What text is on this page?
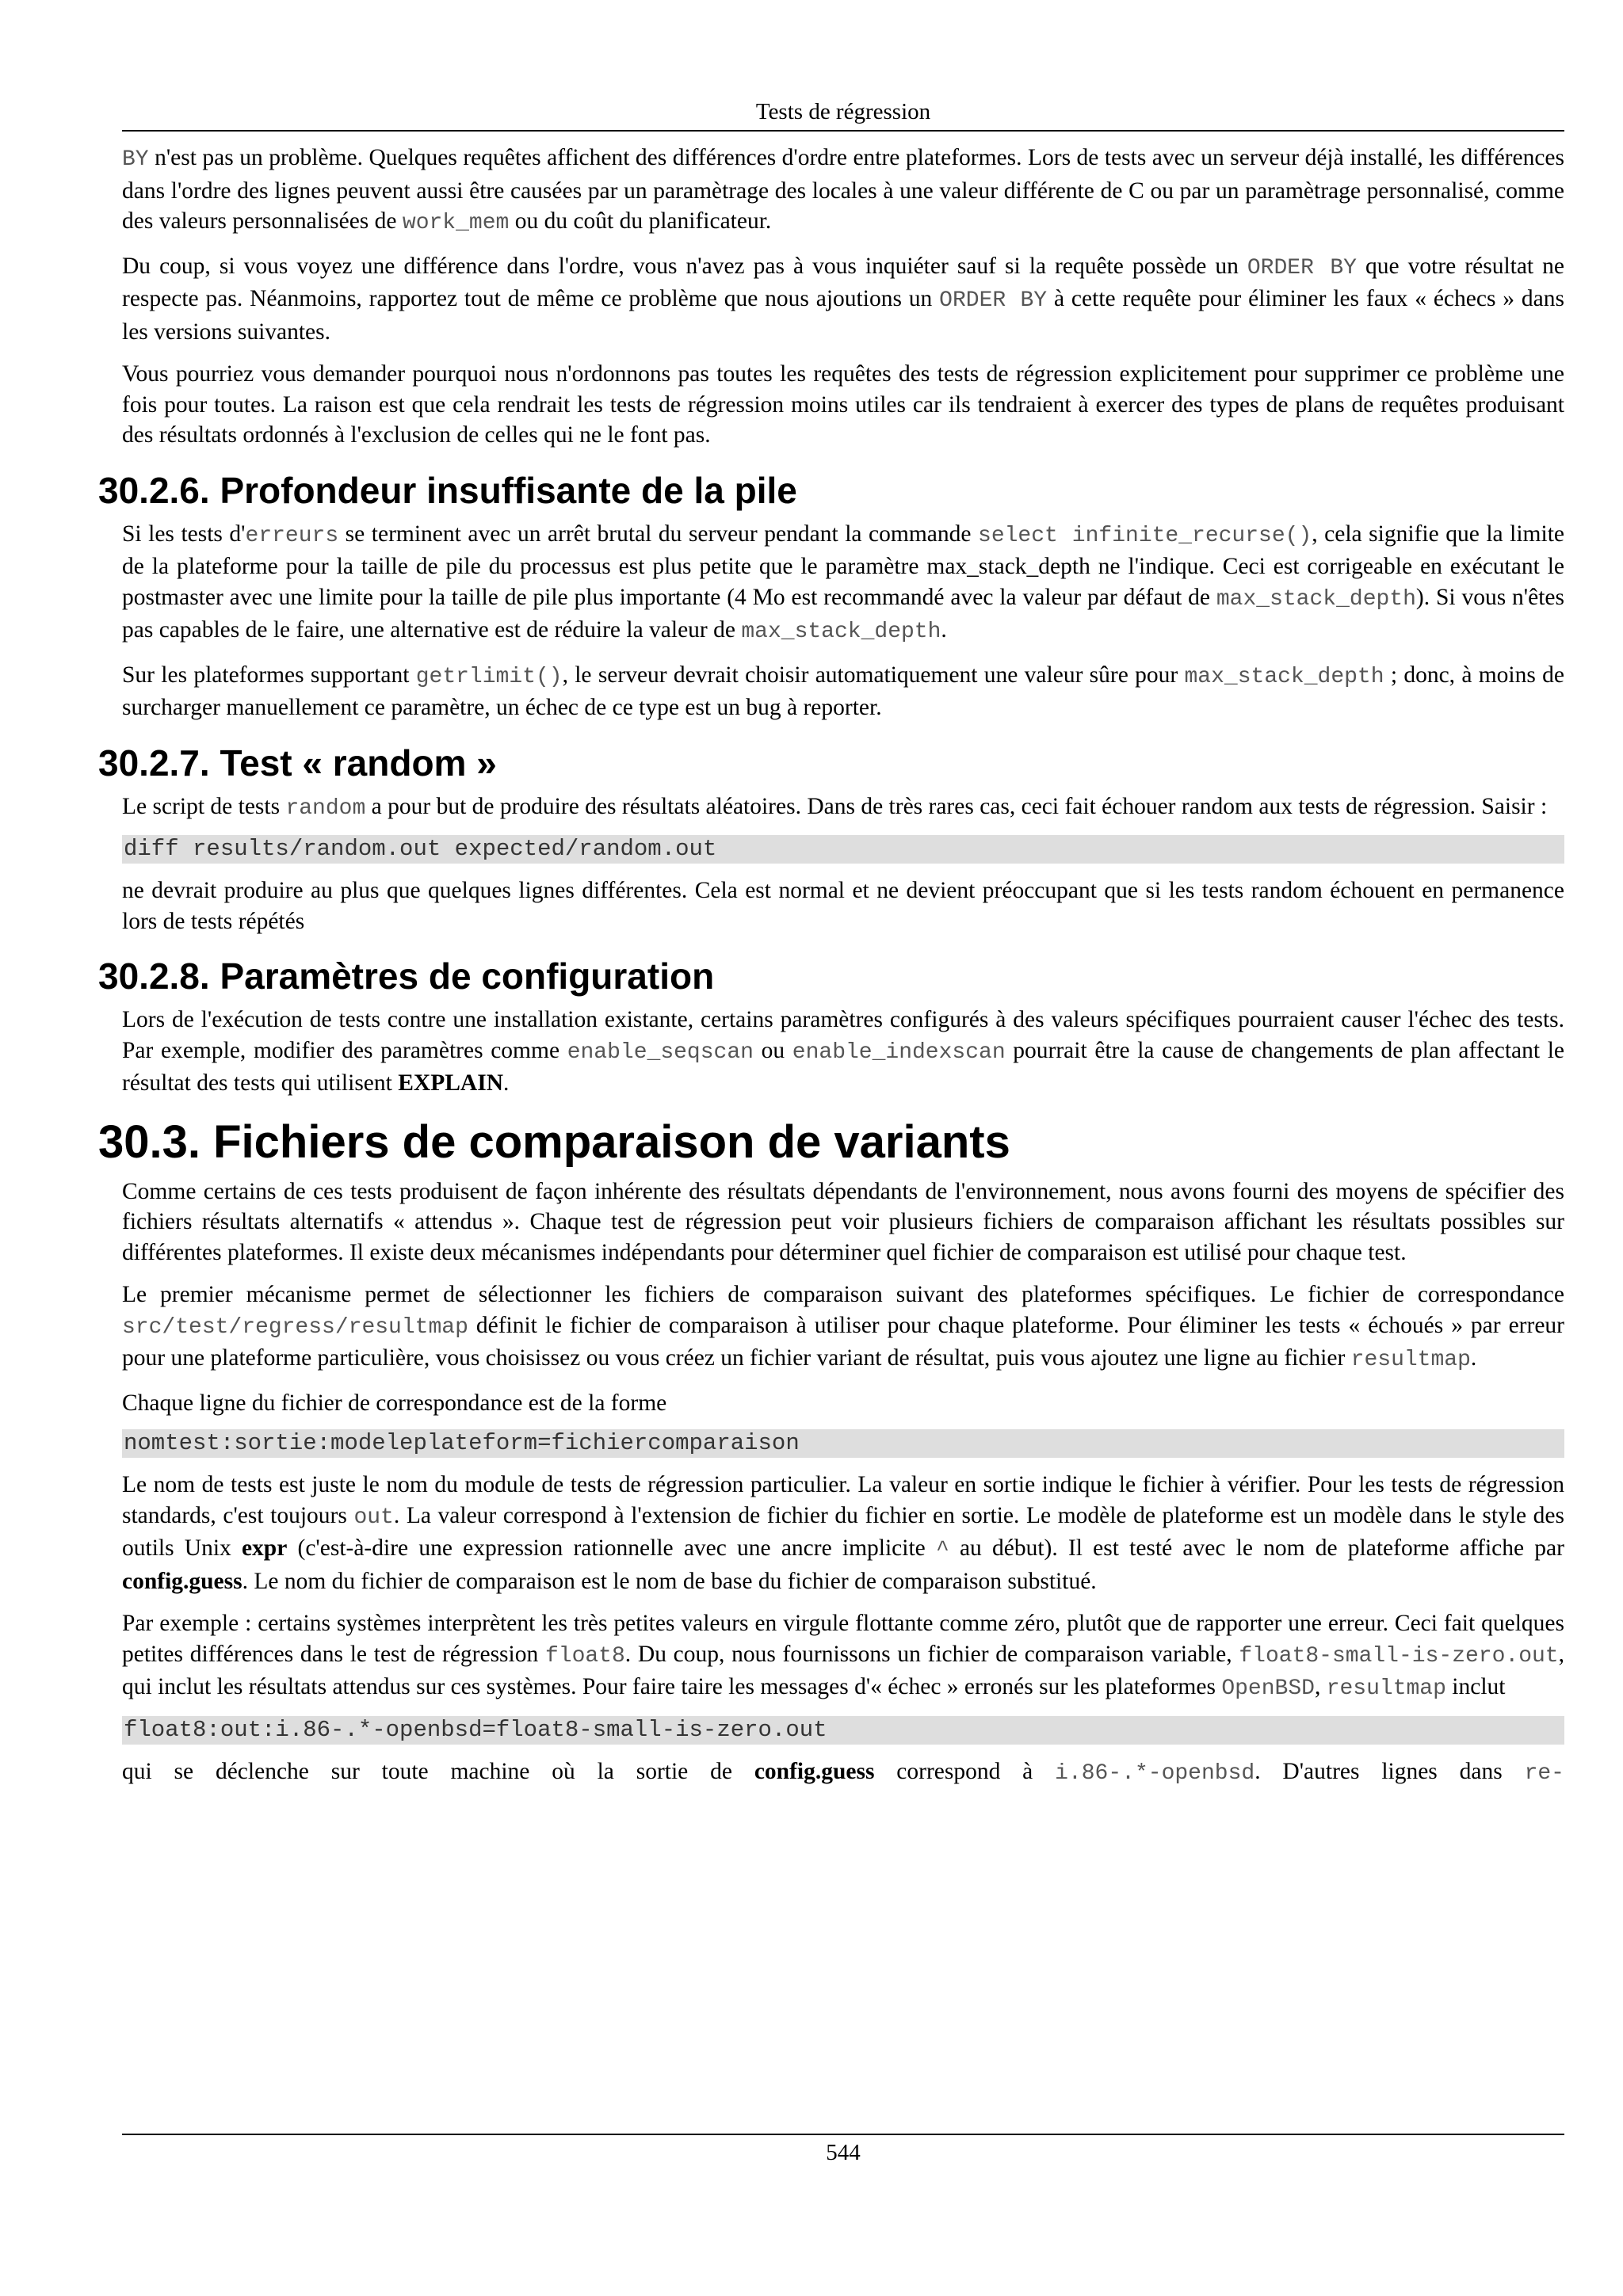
Tests de régression

BY n'est pas un problème. Quelques requêtes affichent des différences d'ordre entre plateformes. Lors de tests avec un serveur déjà installé, les différences dans l'ordre des lignes peuvent aussi être causées par un paramètrage des locales à une valeur différente de C ou par un paramètrage personnalisé, comme des valeurs personnalisées de work_mem ou du coût du planificateur.

Du coup, si vous voyez une différence dans l'ordre, vous n'avez pas à vous inquiéter sauf si la requête possède un ORDER BY que votre résultat ne respecte pas. Néanmoins, rapportez tout de même ce problème que nous ajoutions un ORDER BY à cette requête pour éliminer les faux « échecs » dans les versions suivantes.

Vous pourriez vous demander pourquoi nous n'ordonnons pas toutes les requêtes des tests de régression explicitement pour supprimer ce problème une fois pour toutes. La raison est que cela rendrait les tests de régression moins utiles car ils tendraient à exercer des types de plans de requêtes produisant des résultats ordonnés à l'exclusion de celles qui ne le font pas.

30.2.6. Profondeur insuffisante de la pile

Si les tests d'erreurs se terminent avec un arrêt brutal du serveur pendant la commande select infinite_recurse(), cela signifie que la limite de la plateforme pour la taille de pile du processus est plus petite que le paramètre max_stack_depth ne l'indique. Ceci est corrigeable en exécutant le postmaster avec une limite pour la taille de pile plus importante (4 Mo est recommandé avec la valeur par défaut de max_stack_depth). Si vous n'êtes pas capables de le faire, une alternative est de réduire la valeur de max_stack_depth.

Sur les plateformes supportant getrlimit(), le serveur devrait choisir automatiquement une valeur sûre pour max_stack_depth ; donc, à moins de surcharger manuellement ce paramètre, un échec de ce type est un bug à reporter.

30.2.7. Test « random »

Le script de tests random a pour but de produire des résultats aléatoires. Dans de très rares cas, ceci fait échouer random aux tests de régression. Saisir :

diff results/random.out expected/random.out

ne devrait produire au plus que quelques lignes différentes. Cela est normal et ne devient préoccupant que si les tests random échouent en permanence lors de tests répétés

30.2.8. Paramètres de configuration

Lors de l'exécution de tests contre une installation existante, certains paramètres configurés à des valeurs spécifiques pourraient causer l'échec des tests. Par exemple, modifier des paramètres comme enable_seqscan ou enable_indexscan pourrait être la cause de changements de plan affectant le résultat des tests qui utilisent EXPLAIN.

30.3. Fichiers de comparaison de variants

Comme certains de ces tests produisent de façon inhérente des résultats dépendants de l'environnement, nous avons fourni des moyens de spécifier des fichiers résultats alternatifs « attendus ». Chaque test de régression peut voir plusieurs fichiers de comparaison affichant les résultats possibles sur différentes plateformes. Il existe deux mécanismes indépendants pour déterminer quel fichier de comparaison est utilisé pour chaque test.

Le premier mécanisme permet de sélectionner les fichiers de comparaison suivant des plateformes spécifiques. Le fichier de correspondance src/test/regress/resultmap définit le fichier de comparaison à utiliser pour chaque plateforme. Pour éliminer les tests « échoués » par erreur pour une plateforme particulière, vous choisissez ou vous créez un fichier variant de résultat, puis vous ajoutez une ligne au fichier resultmap.

Chaque ligne du fichier de correspondance est de la forme

nomtest:sortie:modeleplateform=fichiercomparaison

Le nom de tests est juste le nom du module de tests de régression particulier. La valeur en sortie indique le fichier à vérifier. Pour les tests de régression standards, c'est toujours out. La valeur correspond à l'extension de fichier du fichier en sortie. Le modèle de plateforme est un modèle dans le style des outils Unix expr (c'est-à-dire une expression rationnelle avec une ancre implicite ^ au début). Il est testé avec le nom de plateforme affiche par config.guess. Le nom du fichier de comparaison est le nom de base du fichier de comparaison substitué.

Par exemple : certains systèmes interprètent les très petites valeurs en virgule flottante comme zéro, plutôt que de rapporter une erreur. Ceci fait quelques petites différences dans le test de régression float8. Du coup, nous fournissons un fichier de comparaison variable, float8-small-is-zero.out, qui inclut les résultats attendus sur ces systèmes. Pour faire taire les messages d'« échec » erronés sur les plateformes OpenBSD, resultmap inclut

float8:out:i.86-.*-openbsd=float8-small-is-zero.out

qui se déclenche sur toute machine où la sortie de config.guess correspond à i.86-.*-openbsd. D'autres lignes dans re-

544
